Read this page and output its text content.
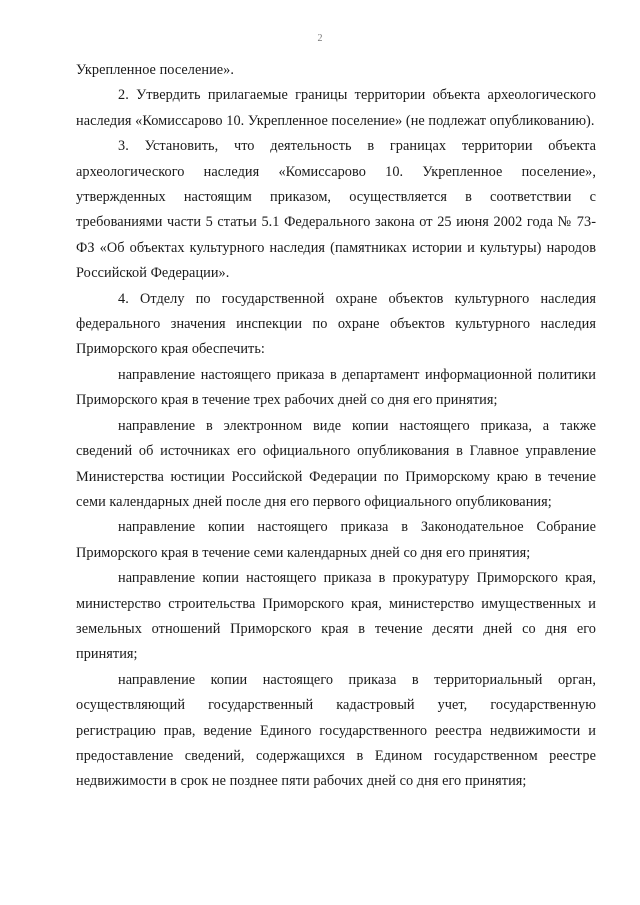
2

Укрепленное поселение».

2. Утвердить прилагаемые границы территории объекта археологического наследия «Комиссарово 10. Укрепленное поселение» (не подлежат опубликованию).

3. Установить, что деятельность в границах территории объекта археологического наследия «Комиссарово 10. Укрепленное поселение», утвержденных настоящим приказом, осуществляется в соответствии с требованиями части 5 статьи 5.1 Федерального закона от 25 июня 2002 года № 73-ФЗ «Об объектах культурного наследия (памятниках истории и культуры) народов Российской Федерации».

4. Отделу по государственной охране объектов культурного наследия федерального значения инспекции по охране объектов культурного наследия Приморского края обеспечить:

направление настоящего приказа в департамент информационной политики Приморского края в течение трех рабочих дней со дня его принятия;

направление в электронном виде копии настоящего приказа, а также сведений об источниках его официального опубликования в Главное управление Министерства юстиции Российской Федерации по Приморскому краю в течение семи календарных дней после дня его первого официального опубликования;

направление копии настоящего приказа в Законодательное Собрание Приморского края в течение семи календарных дней со дня его принятия;

направление копии настоящего приказа в прокуратуру Приморского края, министерство строительства Приморского края, министерство имущественных и земельных отношений Приморского края в течение десяти дней со дня его принятия;

направление копии настоящего приказа в территориальный орган, осуществляющий государственный кадастровый учет, государственную регистрацию прав, ведение Единого государственного реестра недвижимости и предоставление сведений, содержащихся в Едином государственном реестре недвижимости в срок не позднее пяти рабочих дней со дня его принятия;
